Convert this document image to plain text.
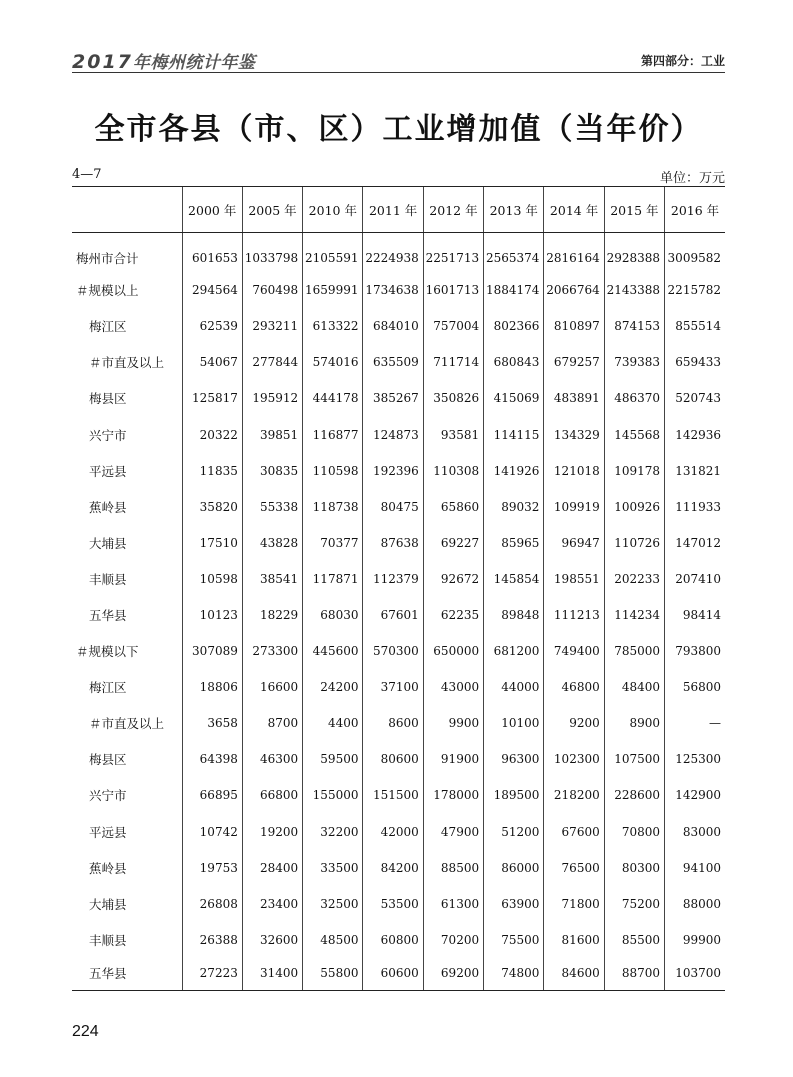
2017年梅州统计年鉴	第四部分：工业
全市各县（市、区）工业增加值（当年价）
4—7	单位：万元
	2000 年	2005 年	2010 年	2011 年	2012 年	2013 年	2014 年	2015 年	2016 年
梅州市合计	601653	1033798	2105591	2224938	2251713	2565374	2816164	2928388	3009582
＃规模以上	294564	760498	1659991	1734638	1601713	1884174	2066764	2143388	2215782
梅江区	62539	293211	613322	684010	757004	802366	810897	874153	855514
＃市直及以上	54067	277844	574016	635509	711714	680843	679257	739383	659433
梅县区	125817	195912	444178	385267	350826	415069	483891	486370	520743
兴宁市	20322	39851	116877	124873	93581	114115	134329	145568	142936
平远县	11835	30835	110598	192396	110308	141926	121018	109178	131821
蕉岭县	35820	55338	118738	80475	65860	89032	109919	100926	111933
大埔县	17510	43828	70377	87638	69227	85965	96947	110726	147012
丰顺县	10598	38541	117871	112379	92672	145854	198551	202233	207410
五华县	10123	18229	68030	67601	62235	89848	111213	114234	98414
＃规模以下	307089	273300	445600	570300	650000	681200	749400	785000	793800
梅江区	18806	16600	24200	37100	43000	44000	46800	48400	56800
＃市直及以上	3658	8700	4400	8600	9900	10100	9200	8900	—
梅县区	64398	46300	59500	80600	91900	96300	102300	107500	125300
兴宁市	66895	66800	155000	151500	178000	189500	218200	228600	142900
平远县	10742	19200	32200	42000	47900	51200	67600	70800	83000
蕉岭县	19753	28400	33500	84200	88500	86000	76500	80300	94100
大埔县	26808	23400	32500	53500	61300	63900	71800	75200	88000
丰顺县	26388	32600	48500	60800	70200	75500	81600	85500	99900
五华县	27223	31400	55800	60600	69200	74800	84600	88700	103700
224
